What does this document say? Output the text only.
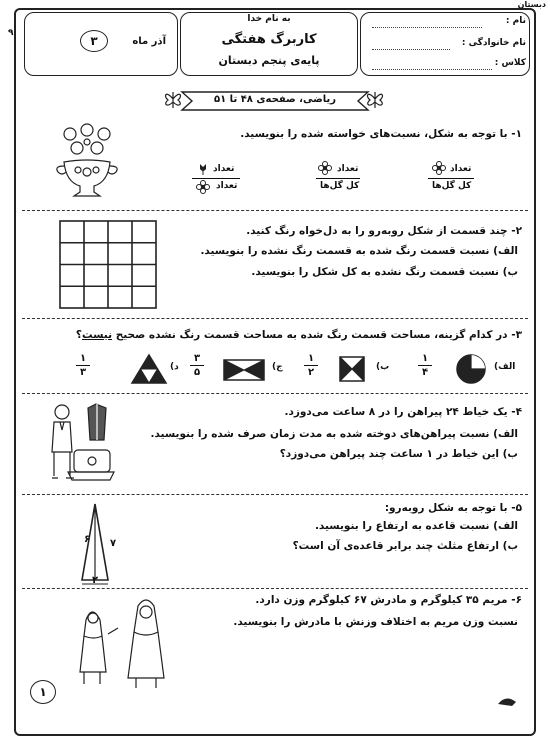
دبستان
نام :
نام خانوادگی :
کلاس :
به نام خدا
کاربرگ هفتگی
پایه‌ی پنجم دبستان
آذر ماه
۳
٩
ریاضی، صفحه‌ی ۴۸ تا ۵۱
۱- با توجه به شکل، نسبت‌های خواسته شده را بنویسید.
تعداد
کل گل‌ها
تعداد
کل گل‌ها
تعداد
تعداد
۲- چند قسمت از شکل روبه‌رو را به دل‌خواه رنگ کنید.
الف) نسبت قسمت رنگ شده به قسمت رنگ نشده را بنویسید.
ب) نسبت قسمت رنگ نشده به کل شکل را بنویسید.
۳- در کدام گزینه، مساحت قسمت رنگ شده به مساحت قسمت رنگ نشده صحیح نیست؟
الف)
۱
۴
ب)
۱
۲
ج)
۳
۵
د)
۱
۳
۴- یک خیاط ۲۴ پیراهن را در ۸ ساعت می‌دوزد.
الف) نسبت پیراهن‌های دوخته شده به مدت زمان صرف شده را بنویسید.
ب) این خیاط در ۱ ساعت چند پیراهن می‌دوزد؟
۵- با توجه به شکل روبه‌رو:
الف) نسبت قاعده به ارتفاع را بنویسید.
ب) ارتفاع مثلث چند برابر قاعده‌ی آن است؟
۶ ۷
۲
۶- مریم ۳۵ کیلوگرم و مادرش ۶۷ کیلوگرم وزن دارد.
نسبت وزن مریم به اختلاف وزنش با مادرش را بنویسید.
۱
